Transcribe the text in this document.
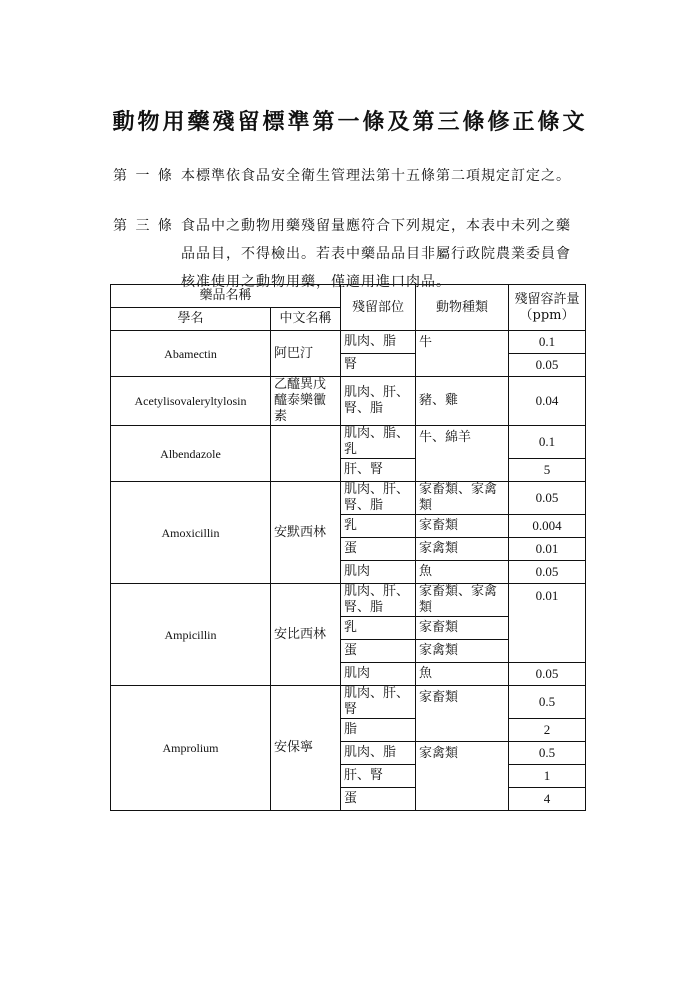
動物用藥殘留標準第一條及第三條修正條文
第 一 條 本標準依食品安全衛生管理法第十五條第二項規定訂定之。
第 三 條 食品中之動物用藥殘留量應符合下列規定，本表中未列之藥品品目，不得檢出。若表中藥品品目非屬行政院農業委員會核准使用之動物用藥，僅適用進口肉品。
藥品名稱		殘留部位	動物種類	殘留容許量
（ppm）
學名	中文名稱			
Abamectin	阿巴汀	肌肉、脂	牛	0.1
		腎		0.05
Acetylisovaleryltylosin	乙醯異戊醯泰樂黴素	肌肉、肝、腎、脂	豬、雞	0.04
Albendazole		肌肉、脂、乳	牛、綿羊	0.1
		肝、腎		5
Amoxicillin	安默西林	肌肉、肝、腎、脂	家畜類、家禽類	0.05
		乳	家畜類	0.004
		蛋	家禽類	0.01
		肌肉	魚	0.05
Ampicillin	安比西林	肌肉、肝、腎、脂	家畜類、家禽類	0.01
		乳	家畜類	
		蛋	家禽類	
		肌肉	魚	0.05
Amprolium	安保寧	肌肉、肝、腎	家畜類	0.5
		脂		2
		肌肉、脂	家禽類	0.5
		肝、腎		1
		蛋		4
